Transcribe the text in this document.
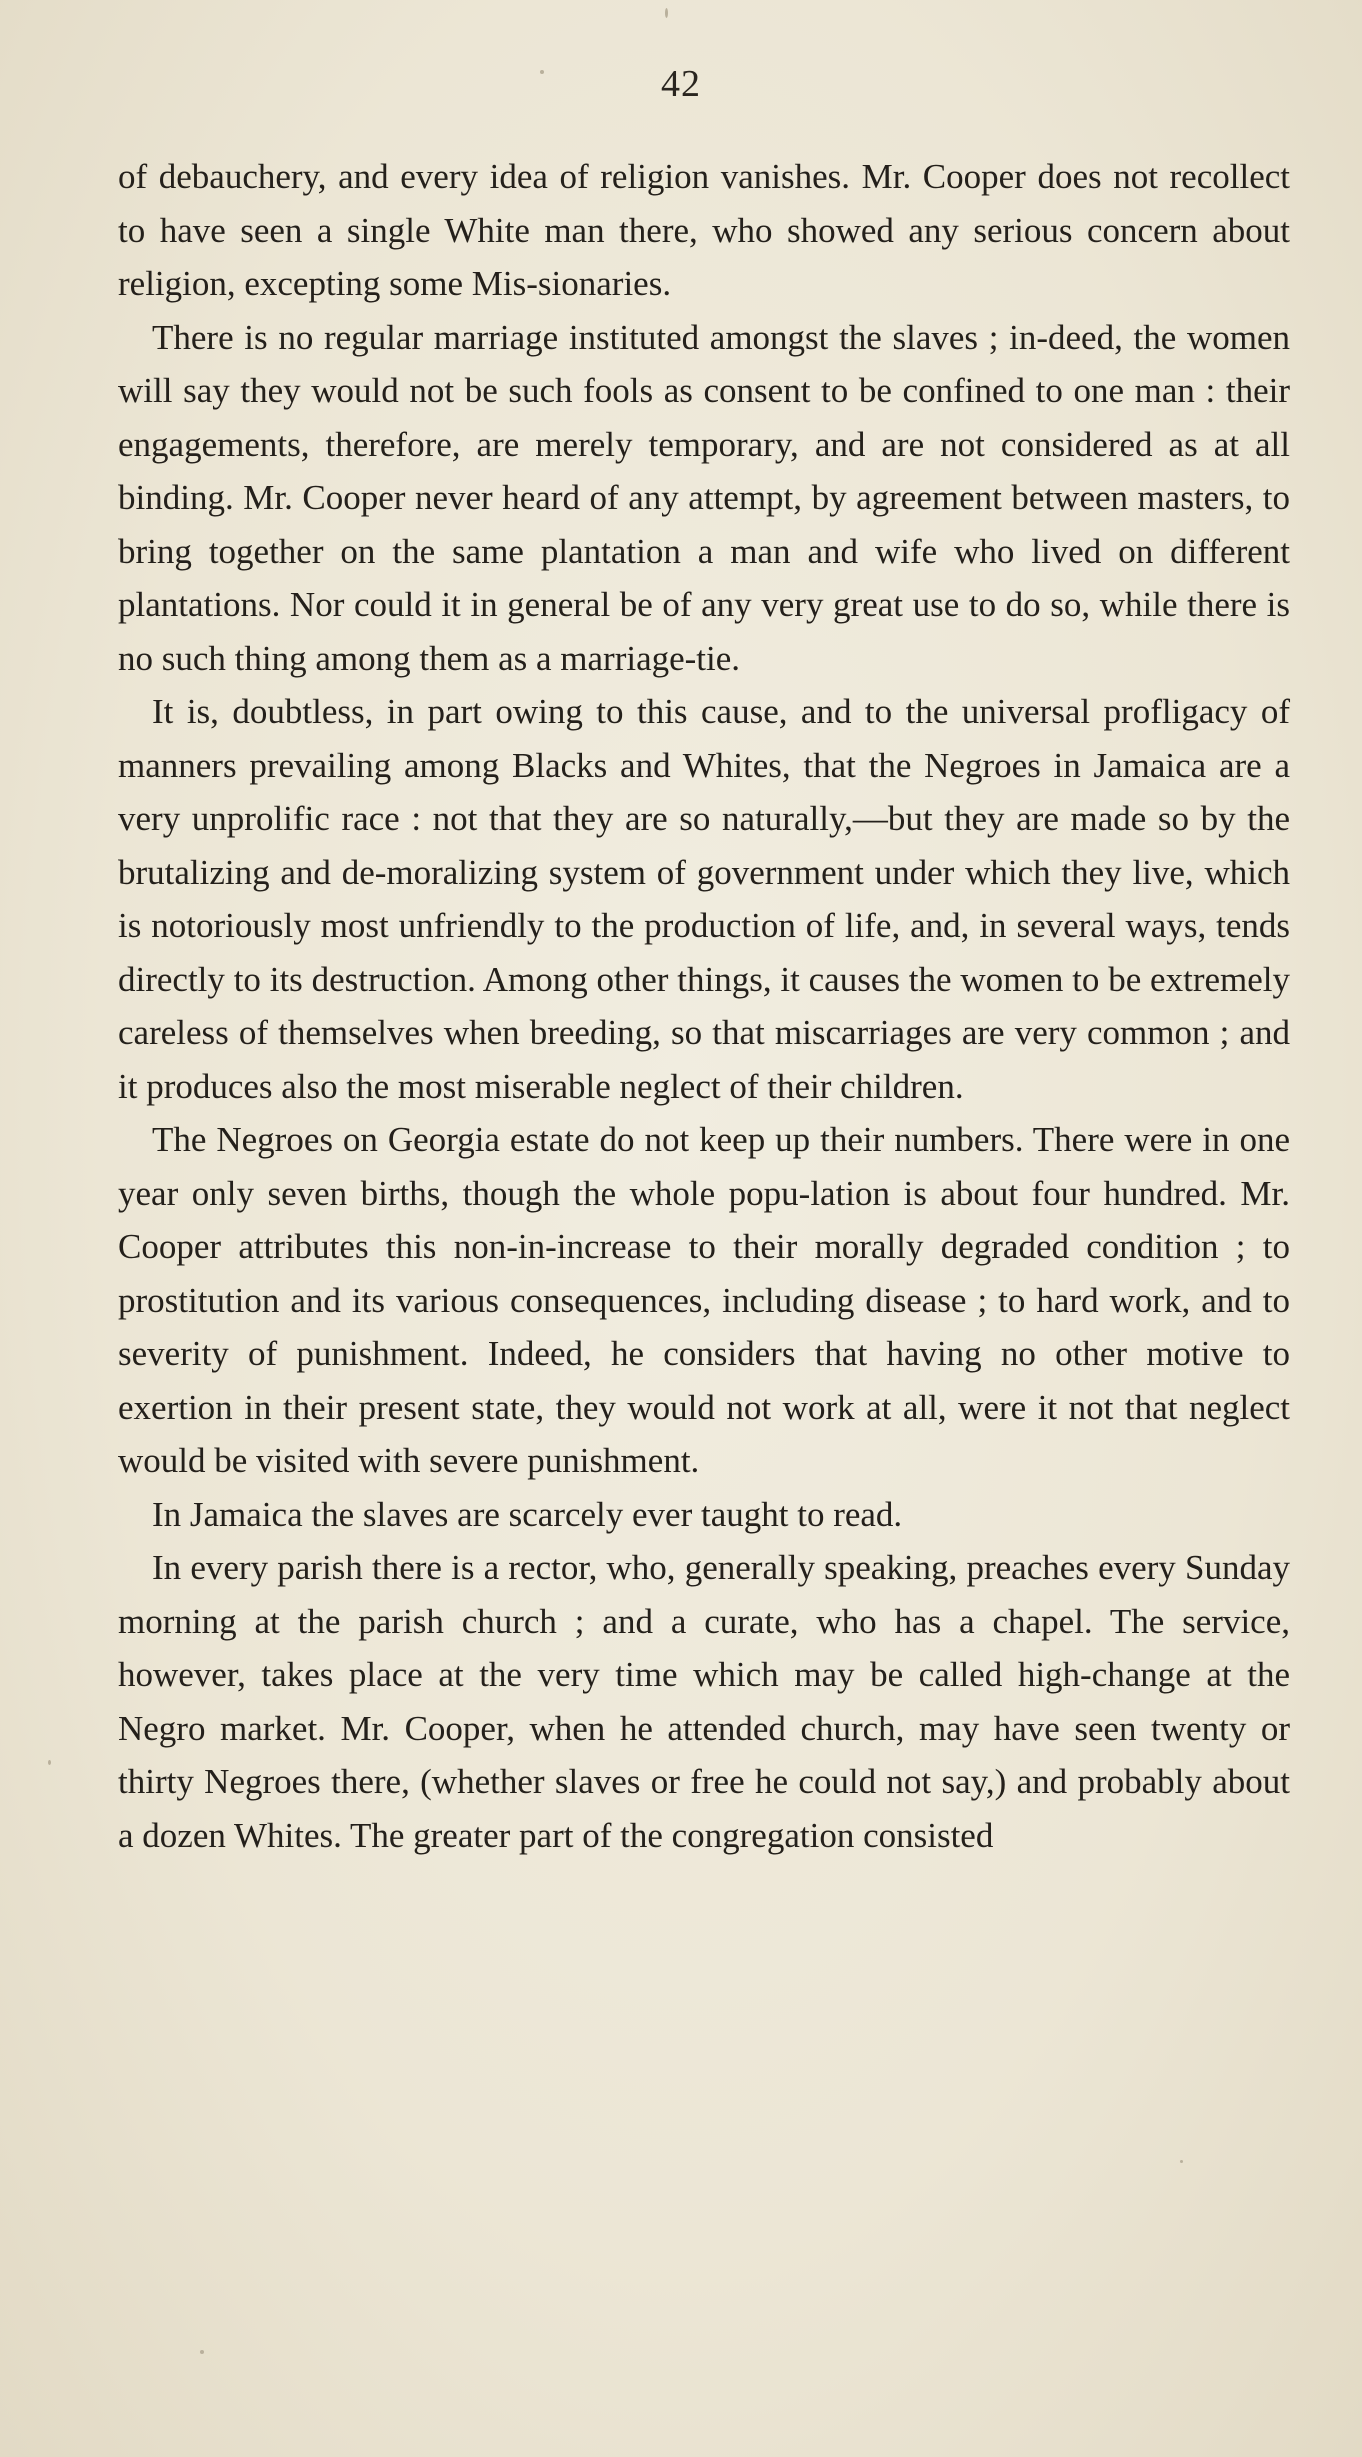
42

of debauchery, and every idea of religion vanishes. Mr. Cooper does not recollect to have seen a single White man there, who showed any serious concern about religion, excepting some Mis-sionaries.

There is no regular marriage instituted amongst the slaves ; in-deed, the women will say they would not be such fools as consent to be confined to one man : their engagements, therefore, are merely temporary, and are not considered as at all binding. Mr. Cooper never heard of any attempt, by agreement between masters, to bring together on the same plantation a man and wife who lived on different plantations. Nor could it in general be of any very great use to do so, while there is no such thing among them as a marriage-tie.

It is, doubtless, in part owing to this cause, and to the universal profligacy of manners prevailing among Blacks and Whites, that the Negroes in Jamaica are a very unprolific race : not that they are so naturally,—but they are made so by the brutalizing and de-moralizing system of government under which they live, which is notoriously most unfriendly to the production of life, and, in several ways, tends directly to its destruction. Among other things, it causes the women to be extremely careless of themselves when breeding, so that miscarriages are very common ; and it produces also the most miserable neglect of their children.

The Negroes on Georgia estate do not keep up their numbers. There were in one year only seven births, though the whole popu-lation is about four hundred. Mr. Cooper attributes this non-in-increase to their morally degraded condition ; to prostitution and its various consequences, including disease ; to hard work, and to severity of punishment. Indeed, he considers that having no other motive to exertion in their present state, they would not work at all, were it not that neglect would be visited with severe punishment.

In Jamaica the slaves are scarcely ever taught to read.

In every parish there is a rector, who, generally speaking, preaches every Sunday morning at the parish church ; and a curate, who has a chapel. The service, however, takes place at the very time which may be called high-change at the Negro market. Mr. Cooper, when he attended church, may have seen twenty or thirty Negroes there, (whether slaves or free he could not say,) and probably about a dozen Whites. The greater part of the congregation consisted
